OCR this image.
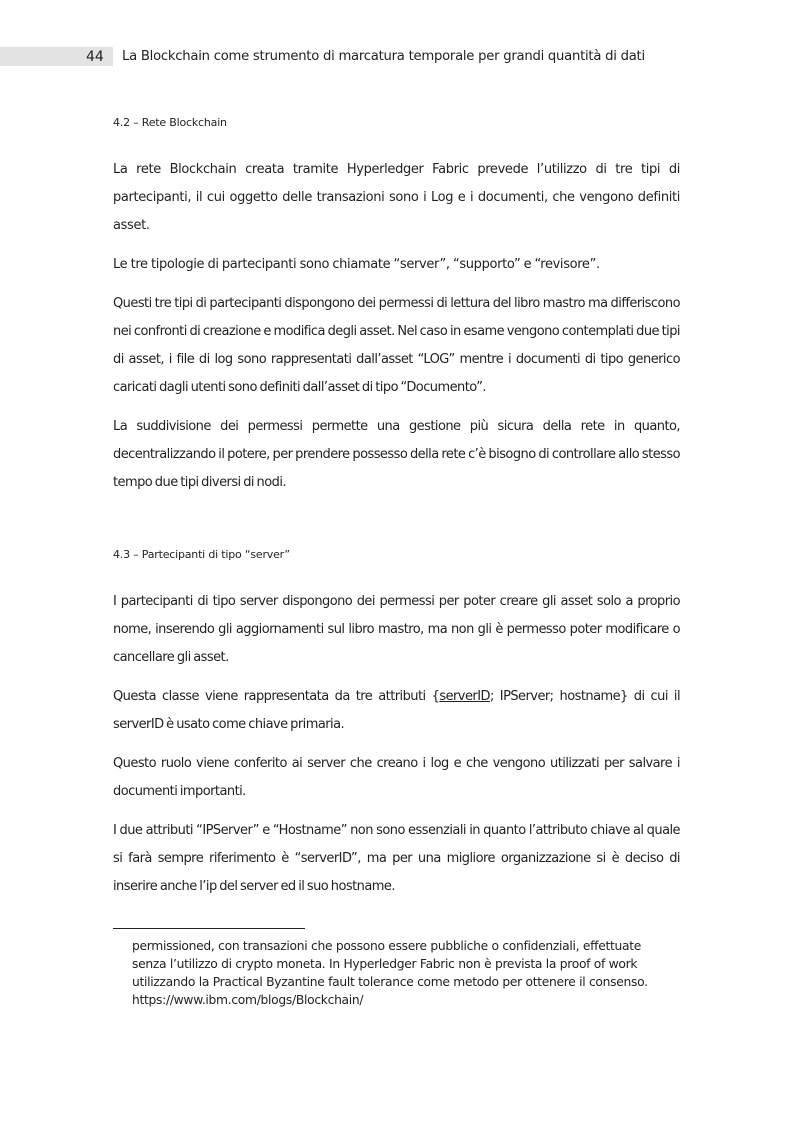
44 La Blockchain come strumento di marcatura temporale per grandi quantità di dati
4.2 – Rete Blockchain

La rete Blockchain creata tramite Hyperledger Fabric prevede l’utilizzo di tre tipi di partecipanti, il cui oggetto delle transazioni sono i Log e i documenti, che vengono definiti asset.

Le tre tipologie di partecipanti sono chiamate “server”, “supporto” e “revisore”.

Questi tre tipi di partecipanti dispongono dei permessi di lettura del libro mastro ma differiscono nei confronti di creazione e modifica degli asset. Nel caso in esame vengono contemplati due tipi di asset, i file di log sono rappresentati dall’asset “LOG” mentre i documenti di tipo generico caricati dagli utenti sono definiti dall’asset di tipo “Documento”.

La suddivisione dei permessi permette una gestione più sicura della rete in quanto, decentralizzando il potere, per prendere possesso della rete c’è bisogno di controllare allo stesso tempo due tipi diversi di nodi.

4.3 – Partecipanti di tipo “server”

I partecipanti di tipo server dispongono dei permessi per poter creare gli asset solo a proprio nome, inserendo gli aggiornamenti sul libro mastro, ma non gli è permesso poter modificare o cancellare gli asset.

Questa classe viene rappresentata da tre attributi {serverID; IPServer; hostname} di cui il serverID è usato come chiave primaria.

Questo ruolo viene conferito ai server che creano i log e che vengono utilizzati per salvare i documenti importanti.

I due attributi “IPServer” e “Hostname” non sono essenziali in quanto l’attributo chiave al quale si farà sempre riferimento è “serverID”, ma per una migliore organizzazione si è deciso di inserire anche l’ip del server ed il suo hostname.

permissioned, con transazioni che possono essere pubbliche o confidenziali, effettuate senza l’utilizzo di crypto moneta. In Hyperledger Fabric non è prevista la proof of work utilizzando la Practical Byzantine fault tolerance come metodo per ottenere il consenso. https://www.ibm.com/blogs/Blockchain/
